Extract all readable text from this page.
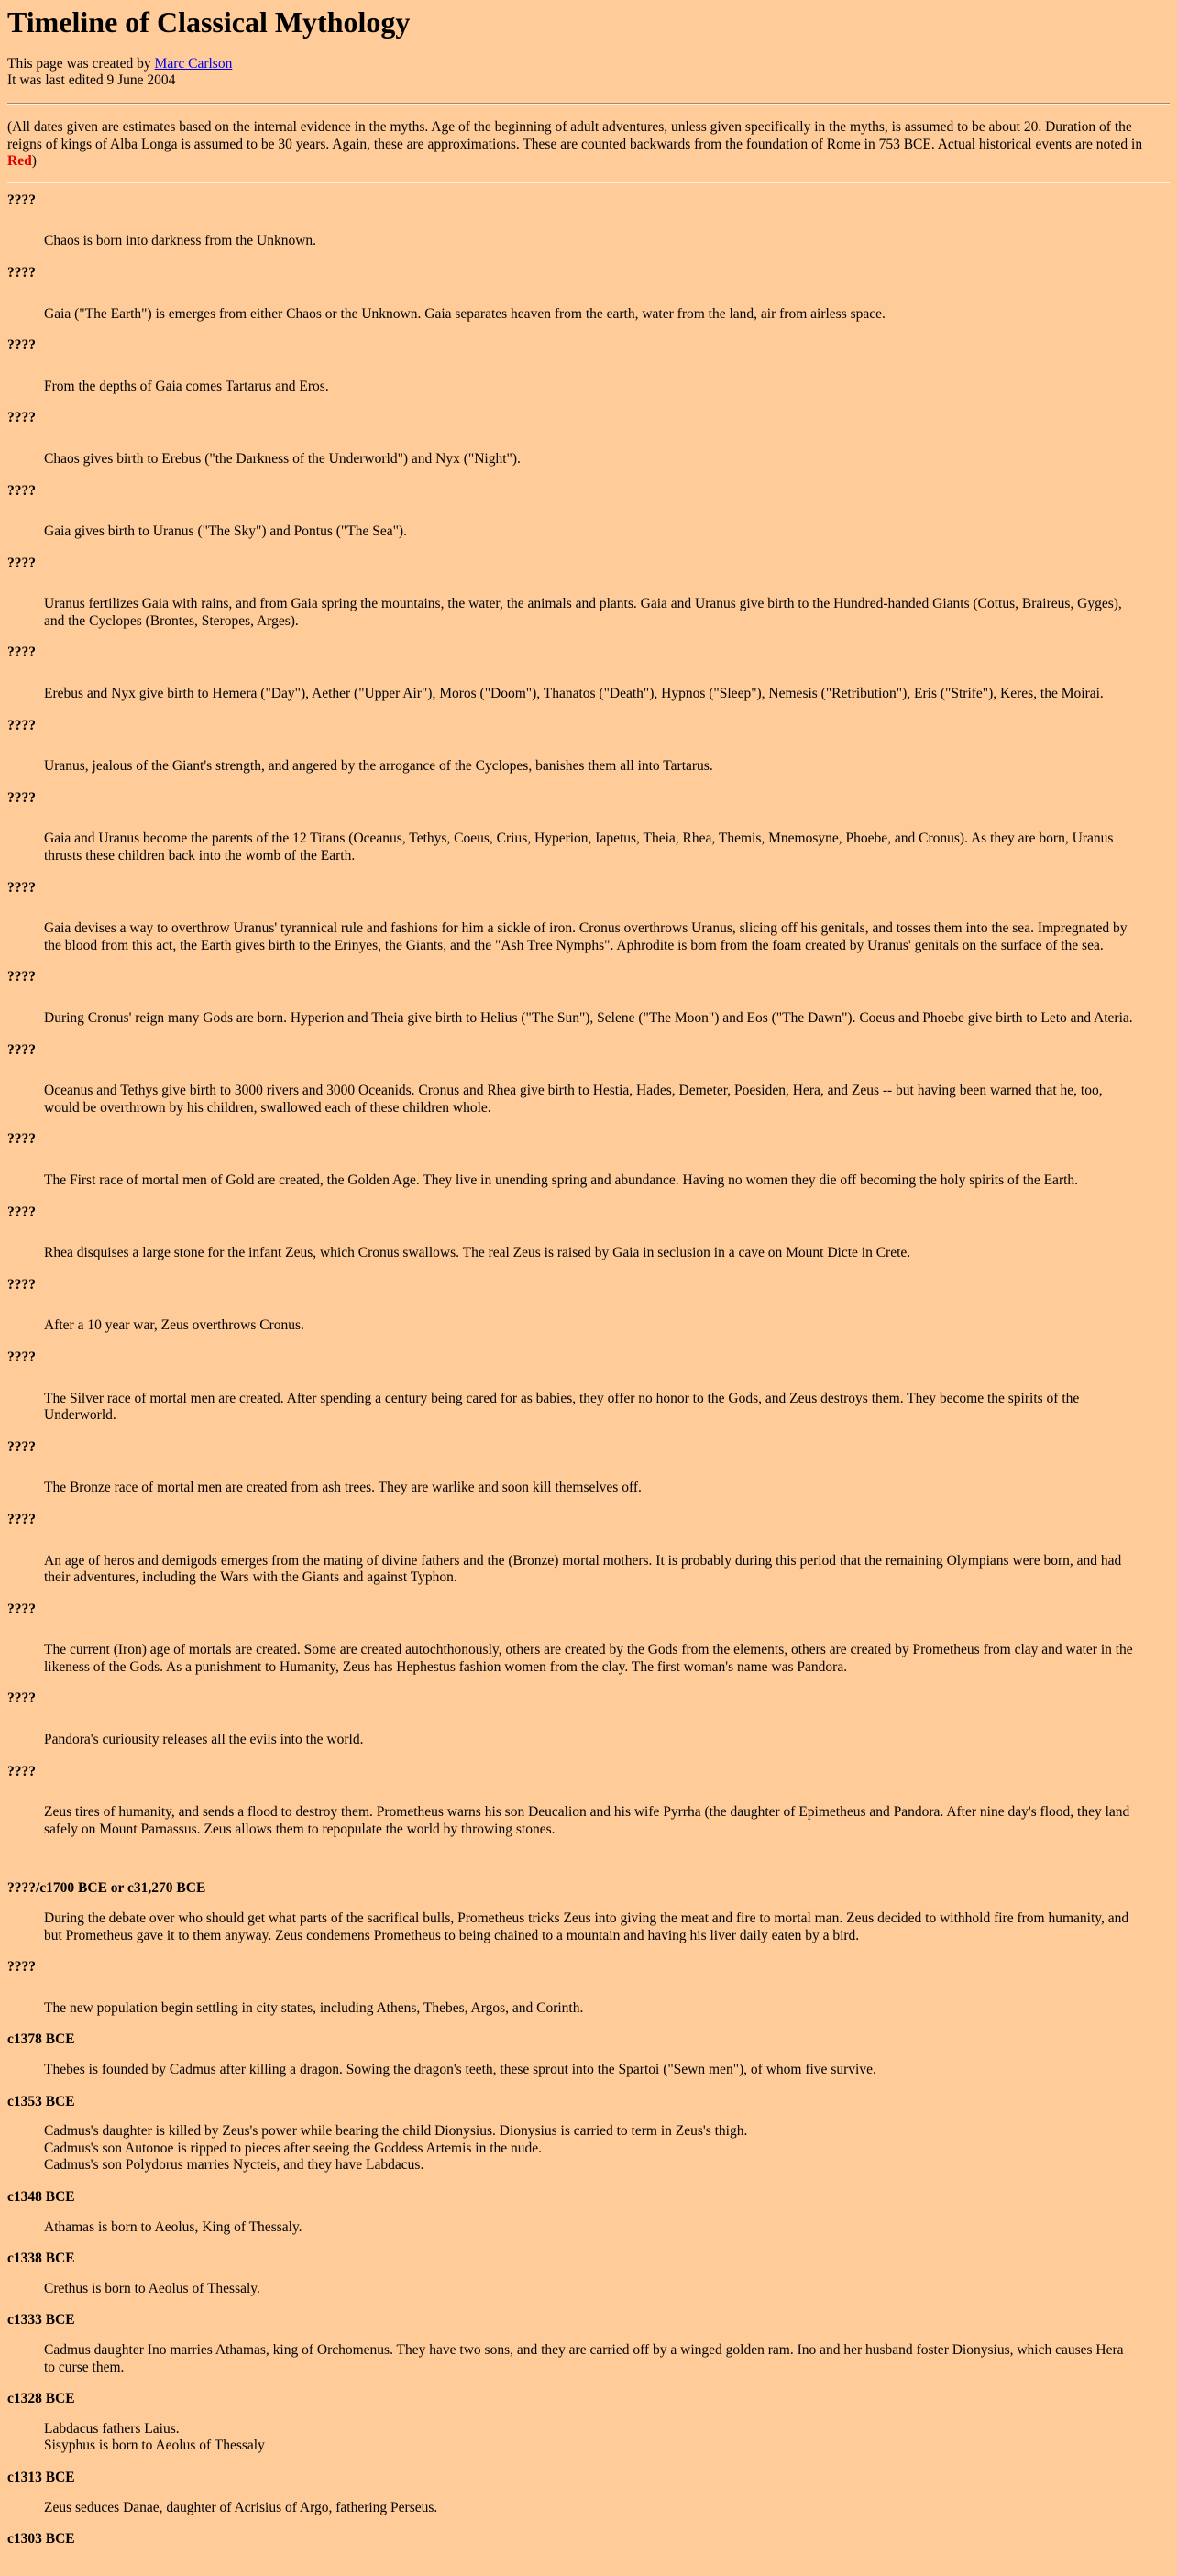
Timeline of Classical Mythology
This page was created by Marc Carlson
It was last edited 9 June 2004
(All dates given are estimates based on the internal evidence in the myths. Age of the beginning of adult adventures, unless given specifically in the myths, is assumed to be about 20. Duration of the reigns of kings of Alba Longa is assumed to be 30 years. Again, these are approximations. These are counted backwards from the foundation of Rome in 753 BCE. Actual historical events are noted in Red)
????
Chaos is born into darkness from the Unknown.
????
Gaia ("The Earth") is emerges from either Chaos or the Unknown. Gaia separates heaven from the earth, water from the land, air from airless space.
????
From the depths of Gaia comes Tartarus and Eros.
????
Chaos gives birth to Erebus ("the Darkness of the Underworld") and Nyx ("Night").
????
Gaia gives birth to Uranus ("The Sky") and Pontus ("The Sea").
????
Uranus fertilizes Gaia with rains, and from Gaia spring the mountains, the water, the animals and plants. Gaia and Uranus give birth to the Hundred-handed Giants (Cottus, Braireus, Gyges), and the Cyclopes (Brontes, Steropes, Arges).
????
Erebus and Nyx give birth to Hemera ("Day"), Aether ("Upper Air"), Moros ("Doom"), Thanatos ("Death"), Hypnos ("Sleep"), Nemesis ("Retribution"), Eris ("Strife"), Keres, the Moirai.
????
Uranus, jealous of the Giant's strength, and angered by the arrogance of the Cyclopes, banishes them all into Tartarus.
????
Gaia and Uranus become the parents of the 12 Titans (Oceanus, Tethys, Coeus, Crius, Hyperion, Iapetus, Theia, Rhea, Themis, Mnemosyne, Phoebe, and Cronus). As they are born, Uranus thrusts these children back into the womb of the Earth.
????
Gaia devises a way to overthrow Uranus' tyrannical rule and fashions for him a sickle of iron. Cronus overthrows Uranus, slicing off his genitals, and tosses them into the sea. Impregnated by the blood from this act, the Earth gives birth to the Erinyes, the Giants, and the "Ash Tree Nymphs". Aphrodite is born from the foam created by Uranus' genitals on the surface of the sea.
????
During Cronus' reign many Gods are born. Hyperion and Theia give birth to Helius ("The Sun"), Selene ("The Moon") and Eos ("The Dawn"). Coeus and Phoebe give birth to Leto and Ateria.
????
Oceanus and Tethys give birth to 3000 rivers and 3000 Oceanids. Cronus and Rhea give birth to Hestia, Hades, Demeter, Poesiden, Hera, and Zeus -- but having been warned that he, too, would be overthrown by his children, swallowed each of these children whole.
????
The First race of mortal men of Gold are created, the Golden Age. They live in unending spring and abundance. Having no women they die off becoming the holy spirits of the Earth.
????
Rhea disquises a large stone for the infant Zeus, which Cronus swallows. The real Zeus is raised by Gaia in seclusion in a cave on Mount Dicte in Crete.
????
After a 10 year war, Zeus overthrows Cronus.
????
The Silver race of mortal men are created. After spending a century being cared for as babies, they offer no honor to the Gods, and Zeus destroys them. They become the spirits of the Underworld.
????
The Bronze race of mortal men are created from ash trees. They are warlike and soon kill themselves off.
????
An age of heros and demigods emerges from the mating of divine fathers and the (Bronze) mortal mothers. It is probably during this period that the remaining Olympians were born, and had their adventures, including the Wars with the Giants and against Typhon.
????
The current (Iron) age of mortals are created. Some are created autochthonously, others are created by the Gods from the elements, others are created by Prometheus from clay and water in the likeness of the Gods. As a punishment to Humanity, Zeus has Hephestus fashion women from the clay. The first woman's name was Pandora.
????
Pandora's curiousity releases all the evils into the world.
????
Zeus tires of humanity, and sends a flood to destroy them. Prometheus warns his son Deucalion and his wife Pyrrha (the daughter of Epimetheus and Pandora. After nine day's flood, they land safely on Mount Parnassus. Zeus allows them to repopulate the world by throwing stones.
????/c1700 BCE or c31,270 BCE
During the debate over who should get what parts of the sacrifical bulls, Prometheus tricks Zeus into giving the meat and fire to mortal man. Zeus decided to withhold fire from humanity, and but Prometheus gave it to them anyway. Zeus condemens Prometheus to being chained to a mountain and having his liver daily eaten by a bird.
????
The new population begin settling in city states, including Athens, Thebes, Argos, and Corinth.
c1378 BCE
Thebes is founded by Cadmus after killing a dragon. Sowing the dragon's teeth, these sprout into the Spartoi ("Sewn men"), of whom five survive.
c1353 BCE
Cadmus's daughter is killed by Zeus's power while bearing the child Dionysius. Dionysius is carried to term in Zeus's thigh.
Cadmus's son Autonoe is ripped to pieces after seeing the Goddess Artemis in the nude.
Cadmus's son Polydorus marries Nycteis, and they have Labdacus.
c1348 BCE
Athamas is born to Aeolus, King of Thessaly.
c1338 BCE
Crethus is born to Aeolus of Thessaly.
c1333 BCE
Cadmus daughter Ino marries Athamas, king of Orchomenus. They have two sons, and they are carried off by a winged golden ram. Ino and her husband foster Dionysius, which causes Hera to curse them.
c1328 BCE
Labdacus fathers Laius.
Sisyphus is born to Aeolus of Thessaly
c1313 BCE
Zeus seduces Danae, daughter of Acrisius of Argo, fathering Perseus.
c1303 BCE
